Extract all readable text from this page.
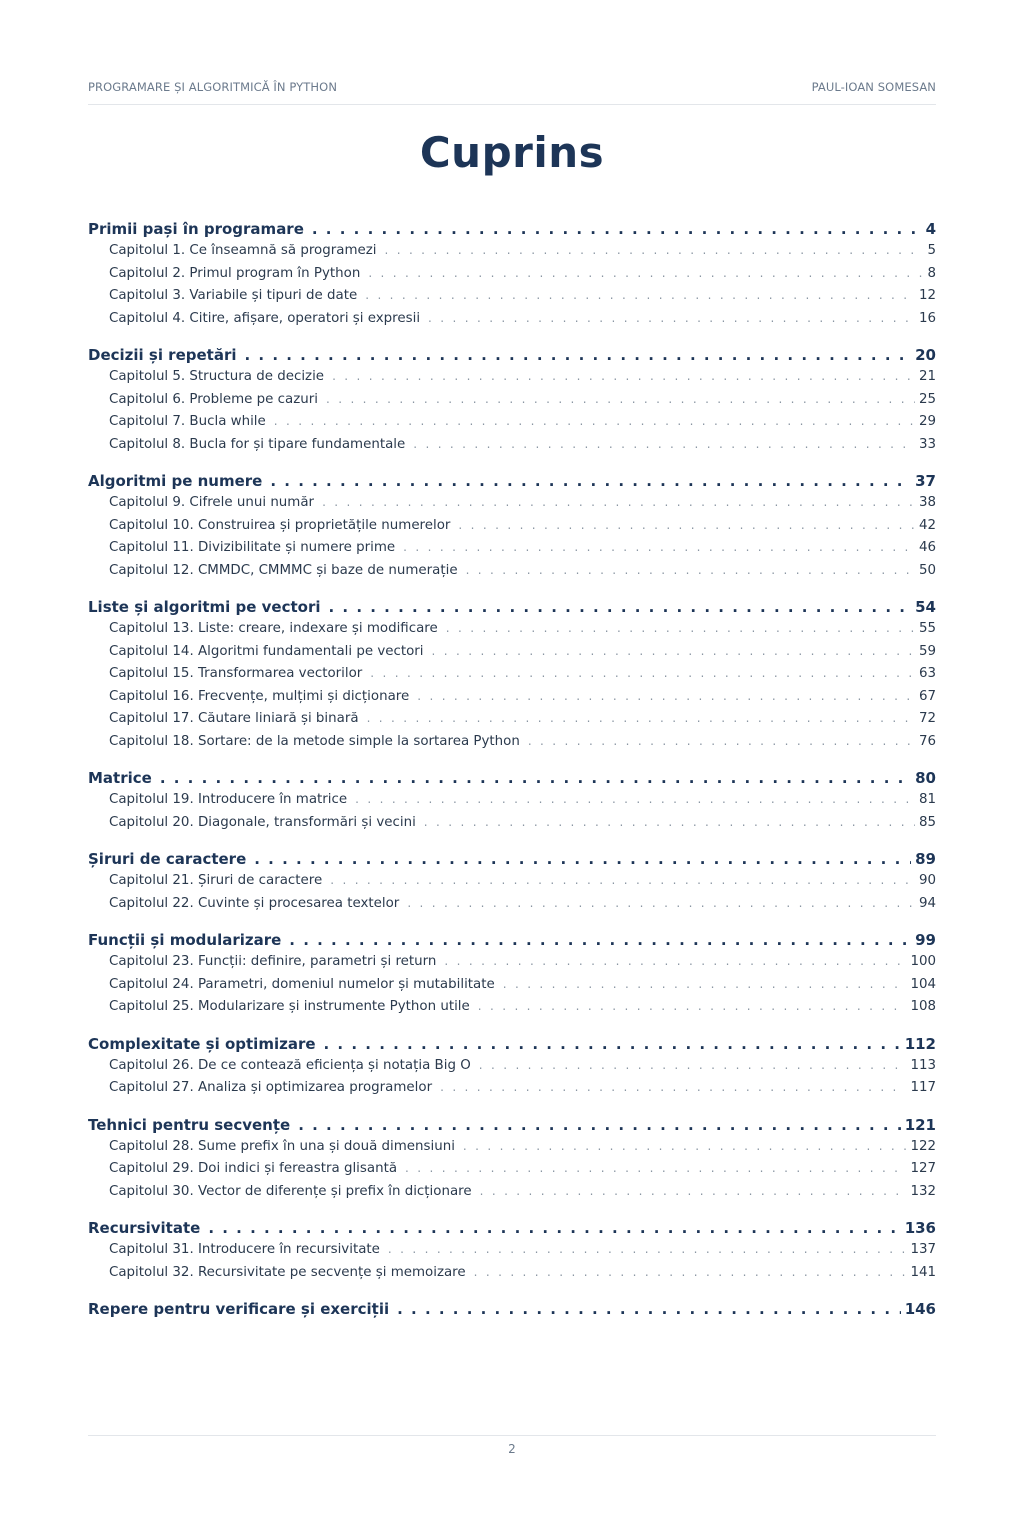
PROGRAMARE ȘI ALGORITMICĂ ÎN PYTHON	PAUL-IOAN SOMESAN
Cuprins
Primii pași în programare . . .	4
Capitolul 1. Ce înseamnă să programezi . . .	5
Capitolul 2. Primul program în Python . . .	8
Capitolul 3. Variabile și tipuri de date . . .	12
Capitolul 4. Citire, afișare, operatori și expresii . . .	16
Decizii și repetări . . .	20
Capitolul 5. Structura de decizie . . .	21
Capitolul 6. Probleme pe cazuri . . .	25
Capitolul 7. Bucla while . . .	29
Capitolul 8. Bucla for și tipare fundamentale . . .	33
Algoritmi pe numere . . .	37
Capitolul 9. Cifrele unui număr . . .	38
Capitolul 10. Construirea și proprietățile numerelor . . .	42
Capitolul 11. Divizibilitate și numere prime . . .	46
Capitolul 12. CMMDC, CMMMC și baze de numerație . . .	50
Liste și algoritmi pe vectori . . .	54
Capitolul 13. Liste: creare, indexare și modificare . . .	55
Capitolul 14. Algoritmi fundamentali pe vectori . . .	59
Capitolul 15. Transformarea vectorilor . . .	63
Capitolul 16. Frecvențe, mulțimi și dicționare . . .	67
Capitolul 17. Căutare liniară și binară . . .	72
Capitolul 18. Sortare: de la metode simple la sortarea Python . . .	76
Matrice . . .	80
Capitolul 19. Introducere în matrice . . .	81
Capitolul 20. Diagonale, transformări și vecini . . .	85
Șiruri de caractere . . .	89
Capitolul 21. Șiruri de caractere . . .	90
Capitolul 22. Cuvinte și procesarea textelor . . .	94
Funcții și modularizare . . .	99
Capitolul 23. Funcții: definire, parametri și return . . .	100
Capitolul 24. Parametri, domeniul numelor și mutabilitate . . .	104
Capitolul 25. Modularizare și instrumente Python utile . . .	108
Complexitate și optimizare . . .	112
Capitolul 26. De ce contează eficiența și notația Big O . . .	113
Capitolul 27. Analiza și optimizarea programelor . . .	117
Tehnici pentru secvențe . . .	121
Capitolul 28. Sume prefix în una și două dimensiuni . . .	122
Capitolul 29. Doi indici și fereastra glisantă . . .	127
Capitolul 30. Vector de diferențe și prefix în dicționare . . .	132
Recursivitate . . .	136
Capitolul 31. Introducere în recursivitate . . .	137
Capitolul 32. Recursivitate pe secvențe și memoizare . . .	141
Repere pentru verificare și exerciții . . .	146
2
